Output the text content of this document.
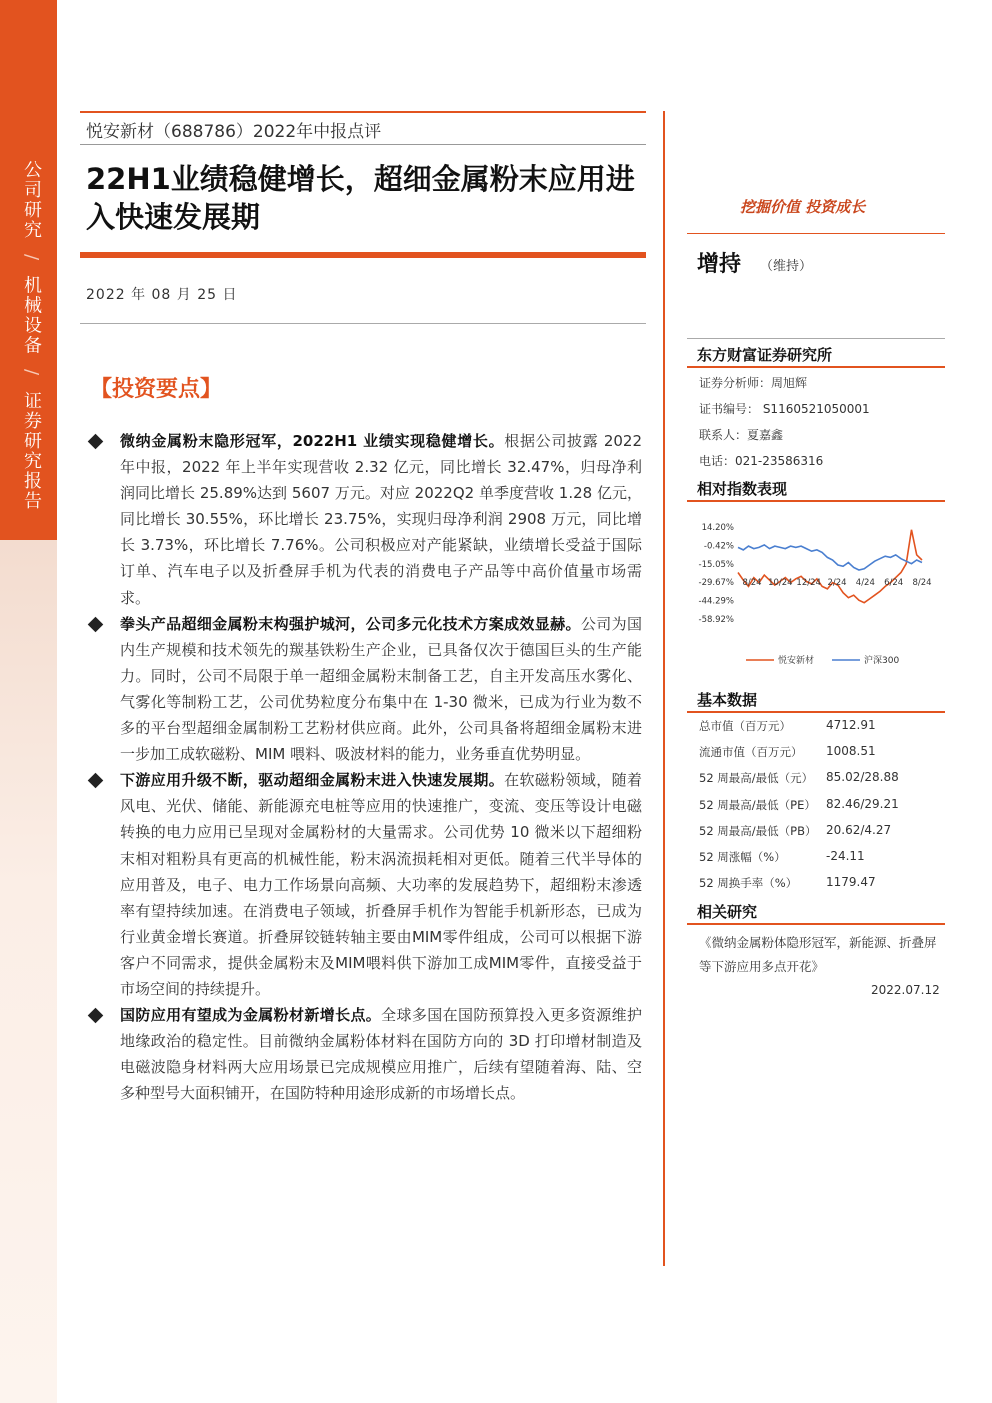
公司研究 / 机械设备 / 证券研究报告
悦安新材（688786）2022年中报点评
22H1业绩稳健增长，超细金属粉末应用进入快速发展期
2022 年 08 月 25 日
【投资要点】
微纳金属粉末隐形冠军，2022H1 业绩实现稳健增长。根据公司披露 2022 年中报，2022 年上半年实现营收 2.32 亿元，同比增长 32.47%，归母净利润同比增长 25.89%达到 5607 万元。对应 2022Q2 单季度营收 1.28 亿元，同比增长 30.55%，环比增长 23.75%，实现归母净利润 2908 万元，同比增长 3.73%，环比增长 7.76%。公司积极应对产能紧缺，业绩增长受益于国际订单、汽车电子以及折叠屏手机为代表的消费电子产品等中高价值量市场需求。
拳头产品超细金属粉末构强护城河，公司多元化技术方案成效显赫。公司为国内生产规模和技术领先的羰基铁粉生产企业，已具备仅次于德国巨头的生产能力。同时，公司不局限于单一超细金属粉末制备工艺，自主开发高压水雾化、气雾化等制粉工艺，公司优势粒度分布集中在 1-30 微米，已成为行业为数不多的平台型超细金属制粉工艺粉材供应商。此外，公司具备将超细金属粉末进一步加工成软磁粉、MIM 喂料、吸波材料的能力，业务垂直优势明显。
下游应用升级不断，驱动超细金属粉末进入快速发展期。在软磁粉领域，随着风电、光伏、储能、新能源充电桩等应用的快速推广，变流、变压等设计电磁转换的电力应用已呈现对金属粉材的大量需求。公司优势 10 微米以下超细粉末相对粗粉具有更高的机械性能，粉末涡流损耗相对更低。随着三代半导体的应用普及，电子、电力工作场景向高频、大功率的发展趋势下，超细粉末渗透率有望持续加速。在消费电子领域，折叠屏手机作为智能手机新形态，已成为行业黄金增长赛道。折叠屏铰链转轴主要由MIM零件组成，公司可以根据下游客户不同需求，提供金属粉末及MIM喂料供下游加工成MIM零件，直接受益于市场空间的持续提升。
国防应用有望成为金属粉材新增长点。全球多国在国防预算投入更多资源维护地缘政治的稳定性。目前微纳金属粉体材料在国防方向的 3D 打印增材制造及电磁波隐身材料两大应用场景已完成规模应用推广，后续有望随着海、陆、空多种型号大面积铺开，在国防特种用途形成新的市场增长点。
挖掘价值 投资成长
增持 （维持）
东方财富证券研究所
证券分析师：周旭辉
证书编号： S1160521050001
联系人：夏嘉鑫
电话：021-23586316
相对指数表现
14.20%
-0.42%
-15.05%
-29.67%
-44.29%
-58.92%
8/24 10/24 12/24 2/24 4/24 6/24 8/24
悦安新材	沪深300
基本数据
总市值（百万元）	4712.91
流通市值（百万元） 1008.51
52 周最高/最低（元） 85.02/28.88
52 周最高/最低（PE） 82.46/29.21
52 周最高/最低（PB） 20.62/4.27
52 周涨幅（%）	-24.11
52 周换手率（%） 1179.47
相关研究
《微纳金属粉体隐形冠军，新能源、折叠屏等下游应用多点开花》
2022.07.12
